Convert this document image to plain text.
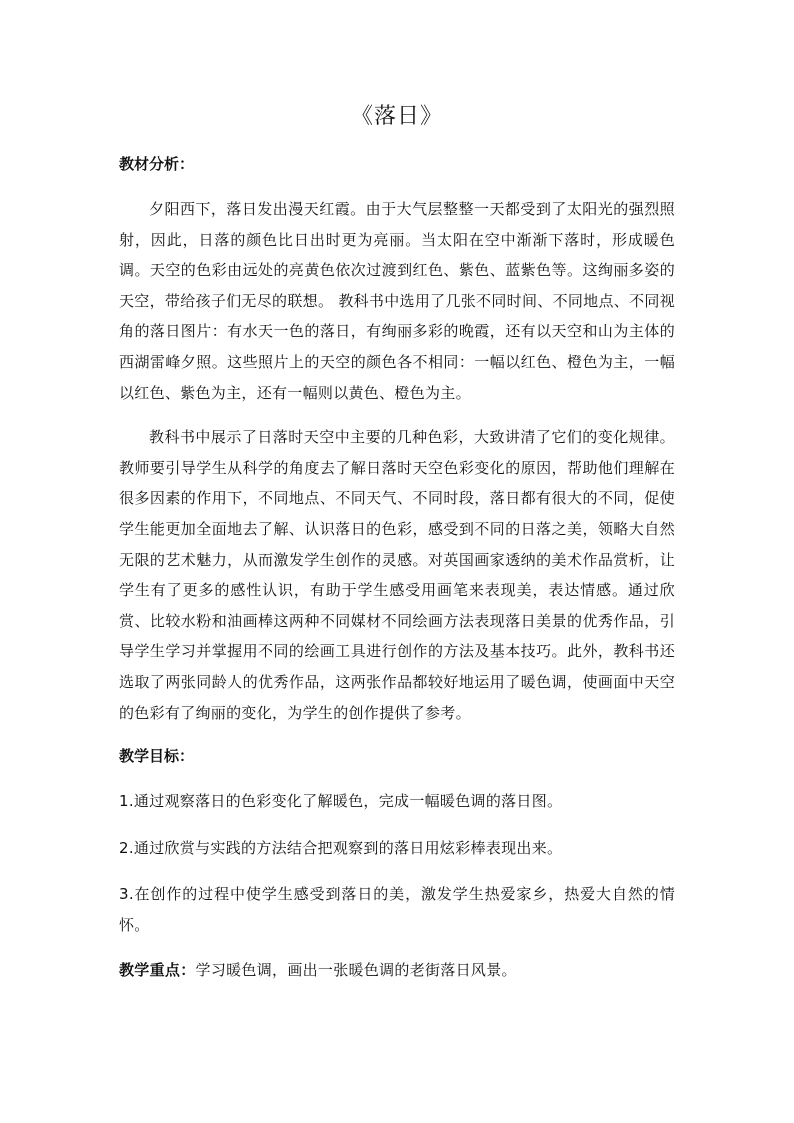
《落日》
教材分析：

夕阳西下，落日发出漫天红霞。由于大气层整整一天都受到了太阳光的强烈照射，因此，日落的颜色比日出时更为亮丽。当太阳在空中渐渐下落时，形成暖色调。天空的色彩由远处的亮黄色依次过渡到红色、紫色、蓝紫色等。这绚丽多姿的天空，带给孩子们无尽的联想。 教科书中选用了几张不同时间、不同地点、不同视角的落日图片：有水天一色的落日，有绚丽多彩的晚霞，还有以天空和山为主体的西湖雷峰夕照。这些照片上的天空的颜色各不相同：一幅以红色、橙色为主，一幅以红色、紫色为主，还有一幅则以黄色、橙色为主。

教科书中展示了日落时天空中主要的几种色彩，大致讲清了它们的变化规律。教师要引导学生从科学的角度去了解日落时天空色彩变化的原因，帮助他们理解在很多因素的作用下，不同地点、不同天气、不同时段，落日都有很大的不同，促使学生能更加全面地去了解、认识落日的色彩，感受到不同的日落之美，领略大自然无限的艺术魅力，从而激发学生创作的灵感。对英国画家透纳的美术作品赏析，让学生有了更多的感性认识，有助于学生感受用画笔来表现美，表达情感。通过欣赏、比较水粉和油画棒这两种不同媒材不同绘画方法表现落日美景的优秀作品，引导学生学习并掌握用不同的绘画工具进行创作的方法及基本技巧。此外，教科书还选取了两张同龄人的优秀作品，这两张作品都较好地运用了暖色调，使画面中天空的色彩有了绚丽的变化，为学生的创作提供了参考。

教学目标：

1.通过观察落日的色彩变化了解暖色，完成一幅暖色调的落日图。

2.通过欣赏与实践的方法结合把观察到的落日用炫彩棒表现出来。

3.在创作的过程中使学生感受到落日的美，激发学生热爱家乡，热爱大自然的情怀。

教学重点：学习暖色调，画出一张暖色调的老街落日风景。
